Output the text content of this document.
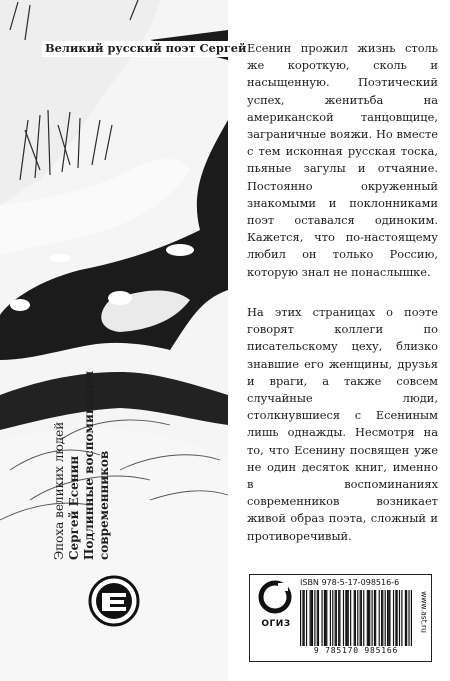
Великий русский поэт Сергей Есенин прожил жизнь столь же короткую, сколь и насыщенную. Поэтический успех, женитьба на американской танцовщице, заграничные вояжи. Но вместе с тем исконная русская тоска, пьяные загулы и отчаяние. Постоянно окруженный знакомыми и поклонниками поэт оставался одиноким. Кажется, что по-настоящему любил он только Россию, которую знал не понаслышке.

На этих страницах о поэте говорят коллеги по писательскому цеху, близко знавшие его женщины, друзья и враги, а также совсем случайные люди, столкнувшиеся с Есениным лишь однажды. Несмотря на то, что Есенину посвящен уже не один десяток книг, именно в воспоминаниях современников возникает живой образ поэта, сложный и противоречивый.

Эпоха великих людей Сергей Есенин Подлинные воспоминания современников
ОГИЗ
ISBN 978-5-17-098516-6
9 785170 985166
www.ast.ru
